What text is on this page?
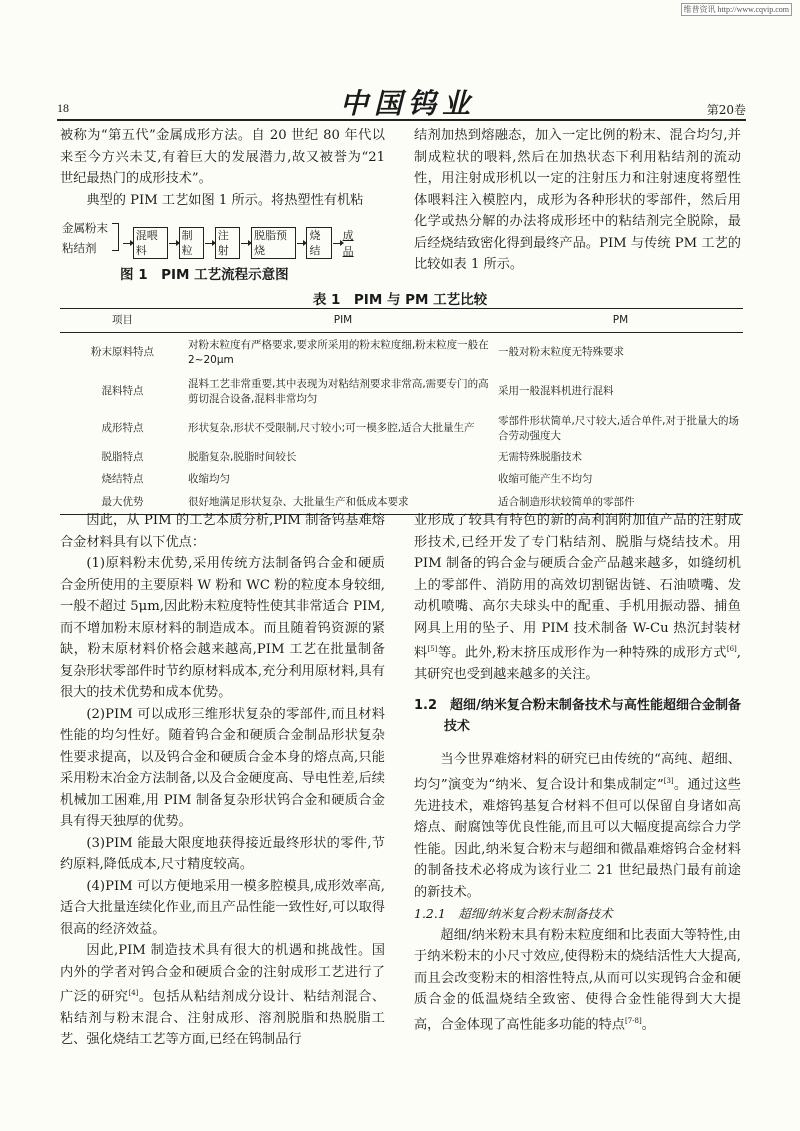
维普资讯 http://www.cqvip.com
18	中国钨业	第20卷

被称为“第五代”金属成形方法。自 20 世纪 80 年代以来至今方兴未艾,有着巨大的发展潜力,故又被誉为“21 世纪最热门的成形技术”。

典型的 PIM 工艺如图 1 所示。将热塑性有机粘

金属粉末
粘结剂
混喂料
制粒
注射
脱脂预烧
烧结
成品
图 1　PIM 工艺流程示意图

结剂加热到熔融态，加入一定比例的粉末、混合均匀,并制成粒状的喂料,然后在加热状态下利用粘结剂的流动性，用注射成形机以一定的注射压力和注射速度将塑性体喂料注入模腔内，成形为各种形状的零部件，然后用化学或热分解的办法将成形坯中的粘结剂完全脱除，最后经烧结致密化得到最终产品。PIM 与传统 PM 工艺的比较如表 1 所示。

表 1　PIM 与 PM 工艺比较
项目	PIM	PM
粉末原料特点	对粉末粒度有严格要求,要求所采用的粉末粒度细,粉末粒度一般在 2~20μm	一般对粉末粒度无特殊要求
混料特点	混料工艺非常重要,其中表现为对粘结剂要求非常高,需要专门的高剪切混合设备,混料非常均匀	采用一般混料机进行混料
成形特点	形状复杂,形状不受限制,尺寸较小;可一模多腔,适合大批量生产	零部件形状简单,尺寸较大,适合单件,对于批量大的场合劳动强度大
脱脂特点	脱脂复杂,脱脂时间较长	无需特殊脱脂技术
烧结特点	收缩均匀	收缩可能产生不均匀
最大优势	很好地满足形状复杂、大批量生产和低成本要求	适合制造形状较简单的零部件

因此，从 PIM 的工艺本质分析,PIM 制备钨基难熔合金材料具有以下优点：

(1)原料粉末优势,采用传统方法制备钨合金和硬质合金所使用的主要原料 W 粉和 WC 粉的粒度本身较细,一般不超过 5μm,因此粉末粒度特性使其非常适合 PIM,而不增加粉末原材料的制造成本。而且随着钨资源的紧缺，粉末原材料价格会越来越高,PIM 工艺在批量制备复杂形状零部件时节约原材料成本,充分利用原材料,具有很大的技术优势和成本优势。

(2)PIM 可以成形三维形状复杂的零部件,而且材料性能的均匀性好。随着钨合金和硬质合金制品形状复杂性要求提高，以及钨合金和硬质合金本身的熔点高,只能采用粉末冶金方法制备,以及合金硬度高、导电性差,后续机械加工困难,用 PIM 制备复杂形状钨合金和硬质合金具有得天独厚的优势。

(3)PIM 能最大限度地获得接近最终形状的零件,节约原料,降低成本,尺寸精度较高。

(4)PIM 可以方便地采用一模多腔模具,成形效率高,适合大批量连续化作业,而且产品性能一致性好,可以取得很高的经济效益。

因此,PIM 制造技术具有很大的机遇和挑战性。国内外的学者对钨合金和硬质合金的注射成形工艺进行了广泛的研究[4]。包括从粘结剂成分设计、粘结剂混合、粘结剂与粉末混合、注射成形、溶剂脱脂和热脱脂工艺、强化烧结工艺等方面,已经在钨制品行

业形成了较具有特色的新的高利润附加值产品的注射成形技术,已经开发了专门粘结剂、脱脂与烧结技术。用 PIM 制备的钨合金与硬质合金产品越来越多，如缝纫机上的零部件、消防用的高效切割锯齿链、石油喷嘴、发动机喷嘴、高尔夫球头中的配重、手机用振动器、捕鱼网具上用的坠子、用 PIM 技术制备 W-Cu 热沉封装材料[5]等。此外,粉末挤压成形作为一种特殊的成形方式[6],其研究也受到越来越多的关注。

1.2　超细/纳米复合粉末制备技术与高性能超细合金制备技术

当今世界难熔材料的研究已由传统的“高纯、超细、均匀”演变为“纳米、复合设计和集成制定”[3]。通过这些先进技术，难熔钨基复合材料不但可以保留自身诸如高熔点、耐腐蚀等优良性能,而且可以大幅度提高综合力学性能。因此,纳米复合粉末与超细和微晶难熔钨合金材料的制备技术必将成为该行业二 21 世纪最热门最有前途的新技术。

1.2.1　超细/纳米复合粉末制备技术

超细/纳米粉末具有粉末粒度细和比表面大等特性,由于纳米粉末的小尺寸效应,使得粉末的烧结活性大大提高,而且会改变粉末的相溶性特点,从而可以实现钨合金和硬质合金的低温烧结全致密、使得合金性能得到大大提高，合金体现了高性能多功能的特点[7-8]。
